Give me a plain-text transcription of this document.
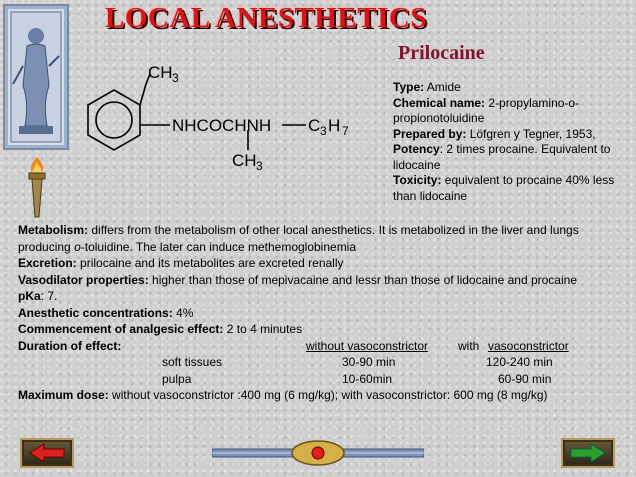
LOCAL ANESTHETICS
Prilocaine
CH 3
NHCOCHNH C 3 H 7
CH 3

Type: Amide

Chemical name: 2-propylamino-o-propionotoluidine

Prepared by: Löfgren y Tegner, 1953,

Potency: 2 times procaine. Equivalent to lidocaine

Toxicity: equivalent to procaine 40% less than lidocaine

Metabolism: differs from the metabolism of other local anesthetics. It is metabolized in the liver and lungs producing o-toluidine. The later can induce methemoglobinemia

Excretion: prilocaine and its metabolites are excreted renally

Vasodilator properties: higher than those of mepivacaine and lessr than those of lidocaine and procaine

pKa: 7.

Anesthetic concentrations: 4%

Commencement of analgesic effect: 2 to 4 minutes

Duration of effect:	without vasoconstrictor with vasoconstrictor
soft tissues	30-90 min	120-240 min
pulpa	10-60min	60-90 min

Maximum dose: without vasoconstrictor :400 mg (6 mg/kg); with vasoconstrictor: 600 mg (8 mg/kg)
